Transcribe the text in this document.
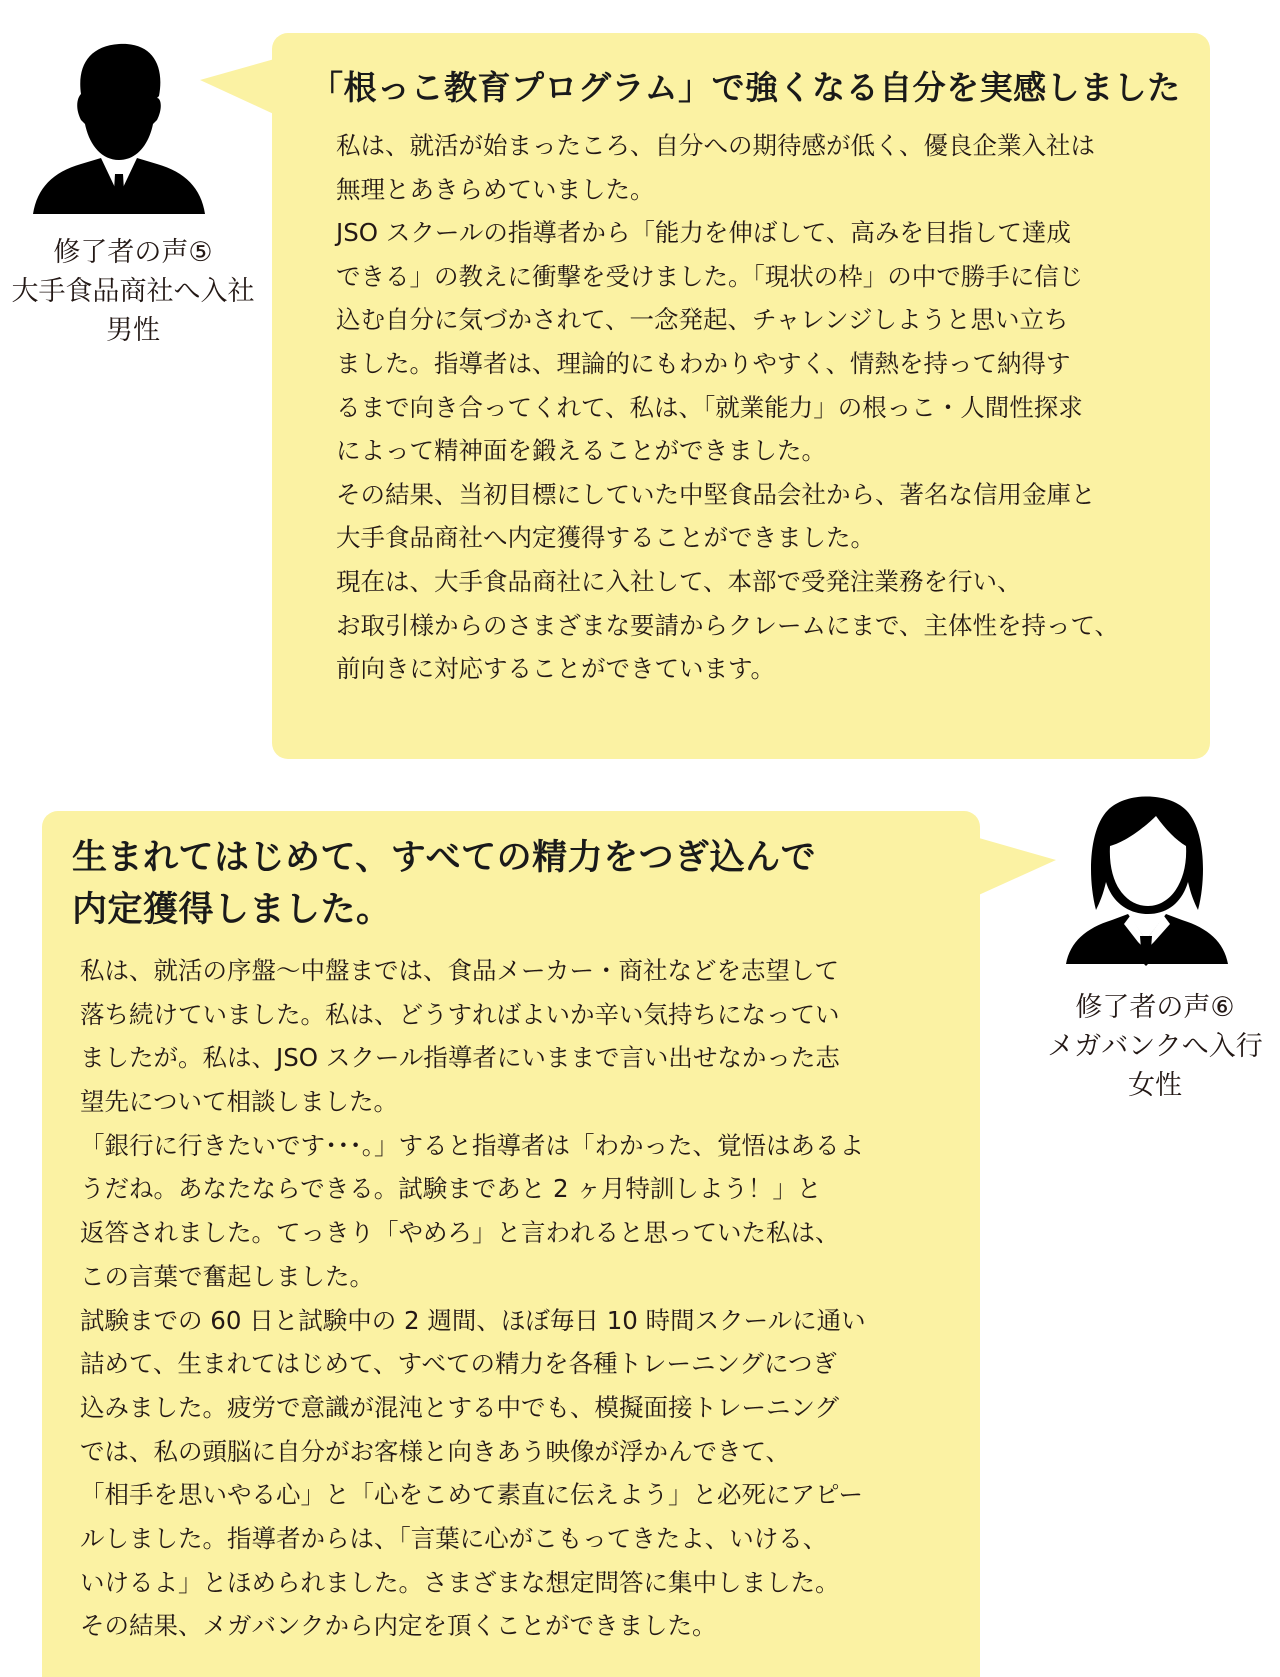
修了者の声⑤
大手食品商社へ入社
男性
「根っこ教育プログラム」で強くなる自分を実感しました
私は、就活が始まったころ、自分への期待感が低く、優良企業入社は
無理とあきらめていました。
JSO スクールの指導者から「能力を伸ばして、高みを目指して達成
できる」の教えに衝撃を受けました。「現状の枠」の中で勝手に信じ
込む自分に気づかされて、一念発起、チャレンジしようと思い立ち
ました。指導者は、理論的にもわかりやすく、情熱を持って納得す
るまで向き合ってくれて、私は、「就業能力」の根っこ・人間性探求
によって精神面を鍛えることができました。
その結果、当初目標にしていた中堅食品会社から、著名な信用金庫と
大手食品商社へ内定獲得することができました。
現在は、大手食品商社に入社して、本部で受発注業務を行い、
お取引様からのさまざまな要請からクレームにまで、主体性を持って、
前向きに対応することができています。
生まれてはじめて、すべての精力をつぎ込んで
内定獲得しました。
修了者の声⑥
メガバンクへ入行
女性
私は、就活の序盤〜中盤までは、食品メーカー・商社などを志望して
落ち続けていました。私は、どうすればよいか辛い気持ちになってい
ましたが。私は、JSO スクール指導者にいままで言い出せなかった志
望先について相談しました。
「銀行に行きたいです･･･。」すると指導者は「わかった、覚悟はあるよ
うだね。あなたならできる。試験まであと 2 ヶ月特訓しよう！」と
返答されました。てっきり「やめろ」と言われると思っていた私は、
この言葉で奮起しました。
試験までの 60 日と試験中の 2 週間、ほぼ毎日 10 時間スクールに通い
詰めて、生まれてはじめて、すべての精力を各種トレーニングにつぎ
込みました。疲労で意識が混沌とする中でも、模擬面接トレーニング
では、私の頭脳に自分がお客様と向きあう映像が浮かんできて、
「相手を思いやる心」と「心をこめて素直に伝えよう」と必死にアピー
ルしました。指導者からは、「言葉に心がこもってきたよ、いける、
いけるよ」とほめられました。さまざまな想定問答に集中しました。
その結果、メガバンクから内定を頂くことができました。
